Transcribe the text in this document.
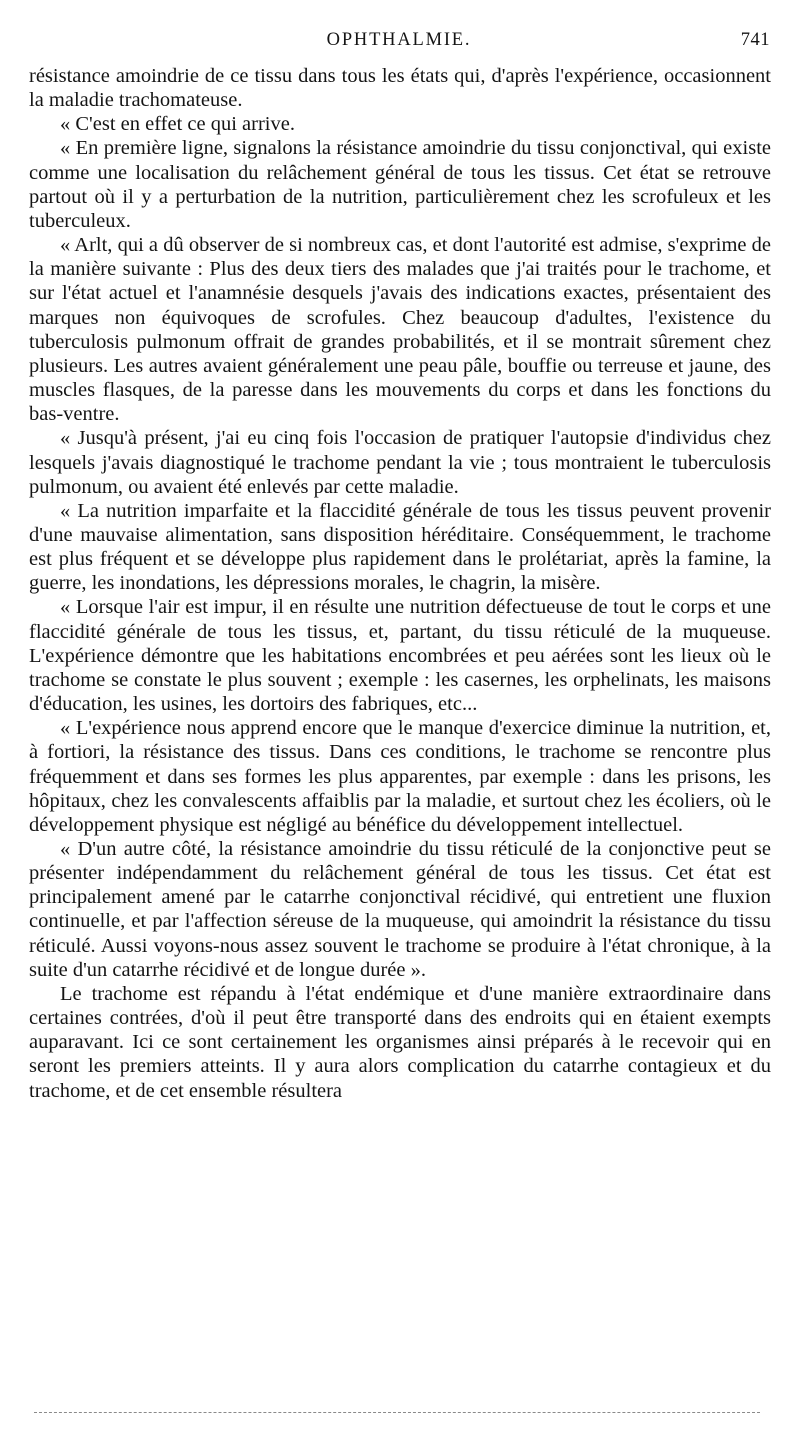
OPHTHALMIE.	741

résistance amoindrie de ce tissu dans tous les états qui, d'après l'expérience, occasionnent la maladie trachomateuse.

« C'est en effet ce qui arrive.

« En première ligne, signalons la résistance amoindrie du tissu conjonctival, qui existe comme une localisation du relâchement général de tous les tissus. Cet état se retrouve partout où il y a perturbation de la nutrition, particulièrement chez les scrofuleux et les tuberculeux.

« Arlt, qui a dû observer de si nombreux cas, et dont l'autorité est admise, s'exprime de la manière suivante : Plus des deux tiers des malades que j'ai traités pour le trachome, et sur l'état actuel et l'anamnésie desquels j'avais des indications exactes, présentaient des marques non équivoques de scrofules. Chez beaucoup d'adultes, l'existence du tuberculosis pulmonum offrait de grandes probabilités, et il se montrait sûrement chez plusieurs. Les autres avaient généralement une peau pâle, bouffie ou terreuse et jaune, des muscles flasques, de la paresse dans les mouvements du corps et dans les fonctions du bas-ventre.

« Jusqu'à présent, j'ai eu cinq fois l'occasion de pratiquer l'autopsie d'individus chez lesquels j'avais diagnostiqué le trachome pendant la vie ; tous montraient le tuberculosis pulmonum, ou avaient été enlevés par cette maladie.

« La nutrition imparfaite et la flaccidité générale de tous les tissus peuvent provenir d'une mauvaise alimentation, sans disposition héréditaire. Conséquemment, le trachome est plus fréquent et se développe plus rapidement dans le prolétariat, après la famine, la guerre, les inondations, les dépressions morales, le chagrin, la misère.

« Lorsque l'air est impur, il en résulte une nutrition défectueuse de tout le corps et une flaccidité générale de tous les tissus, et, partant, du tissu réticulé de la muqueuse. L'expérience démontre que les habitations encombrées et peu aérées sont les lieux où le trachome se constate le plus souvent ; exemple : les casernes, les orphelinats, les maisons d'éducation, les usines, les dortoirs des fabriques, etc...

« L'expérience nous apprend encore que le manque d'exercice diminue la nutrition, et, à fortiori, la résistance des tissus. Dans ces conditions, le trachome se rencontre plus fréquemment et dans ses formes les plus apparentes, par exemple : dans les prisons, les hôpitaux, chez les convalescents affaiblis par la maladie, et surtout chez les écoliers, où le développement physique est négligé au bénéfice du développement intellectuel.

« D'un autre côté, la résistance amoindrie du tissu réticulé de la conjonctive peut se présenter indépendamment du relâchement général de tous les tissus. Cet état est principalement amené par le catarrhe conjonctival récidivé, qui entretient une fluxion continuelle, et par l'affection séreuse de la muqueuse, qui amoindrit la résistance du tissu réticulé. Aussi voyons-nous assez souvent le trachome se produire à l'état chronique, à la suite d'un catarrhe récidivé et de longue durée ».

Le trachome est répandu à l'état endémique et d'une manière extraordinaire dans certaines contrées, d'où il peut être transporté dans des endroits qui en étaient exempts auparavant. Ici ce sont certainement les organismes ainsi préparés à le recevoir qui en seront les premiers atteints. Il y aura alors complication du catarrhe contagieux et du trachome, et de cet ensemble résultera
